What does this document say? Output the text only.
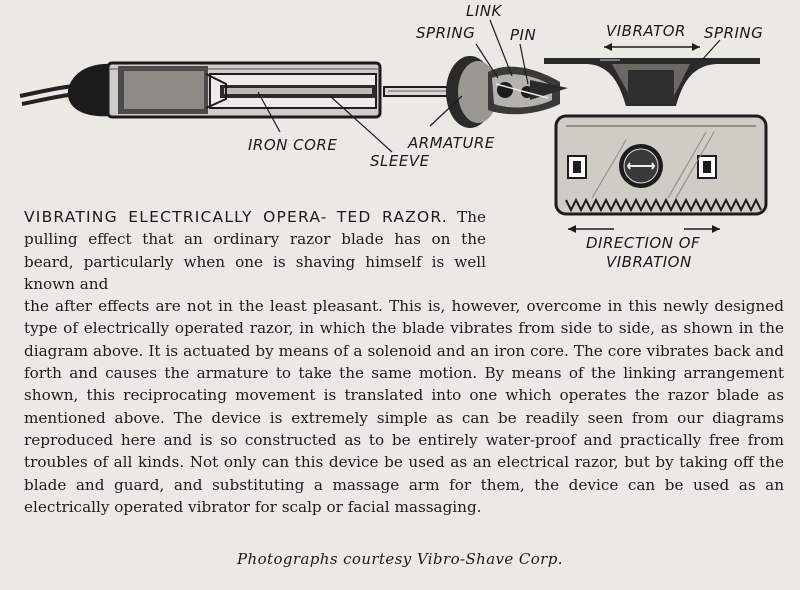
LINK
SPRING PIN	VIBRATOR SPRING
IRON CORE	ARMATURE
SLEEVE
DIRECTION OF
VIBRATION

VIBRATING ELECTRICALLY OPERA- TED RAZOR. The pulling effect that an ordinary razor blade has on the beard, particularly when one is shaving himself is well known and

the after effects are not in the least pleasant. This is, however, overcome in this newly designed type of electrically operated razor, in which the blade vibrates from side to side, as shown in the diagram above. It is actuated by means of a solenoid and an iron core. The core vibrates back and forth and causes the armature to take the same motion. By means of the linking arrangement shown, this reciprocating movement is translated into one which operates the razor blade as mentioned above. The device is extremely simple as can be readily seen from our diagrams reproduced here and is so constructed as to be entirely water-proof and practically free from troubles of all kinds. Not only can this device be used as an electrical razor, but by taking off the blade and guard, and substituting a massage arm for them, the device can be used as an electrically operated vibrator for scalp or facial massaging.

Photographs courtesy Vibro-Shave Corp.
